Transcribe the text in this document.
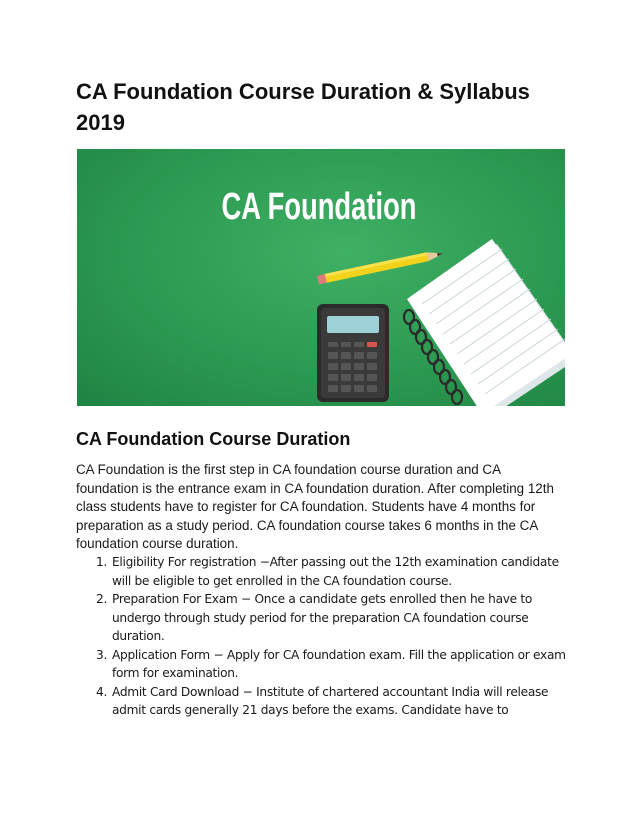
CA Foundation Course Duration & Syllabus 2019
CA Foundation
CA Foundation Course Duration

CA Foundation is the first step in CA foundation course duration and CA foundation is the entrance exam in CA foundation duration. After completing 12th class students have to register for CA foundation. Students have 4 months for preparation as a study period. CA foundation course takes 6 months in the CA foundation course duration.

1. Eligibility For registration −After passing out the 12th examination candidate will be eligible to get enrolled in the CA foundation course.
2. Preparation For Exam − Once a candidate gets enrolled then he have to undergo through study period for the preparation CA foundation course duration.
3. Application Form − Apply for CA foundation exam. Fill the application or exam form for examination.
4. Admit Card Download − Institute of chartered accountant India will release admit cards generally 21 days before the exams. Candidate have to
